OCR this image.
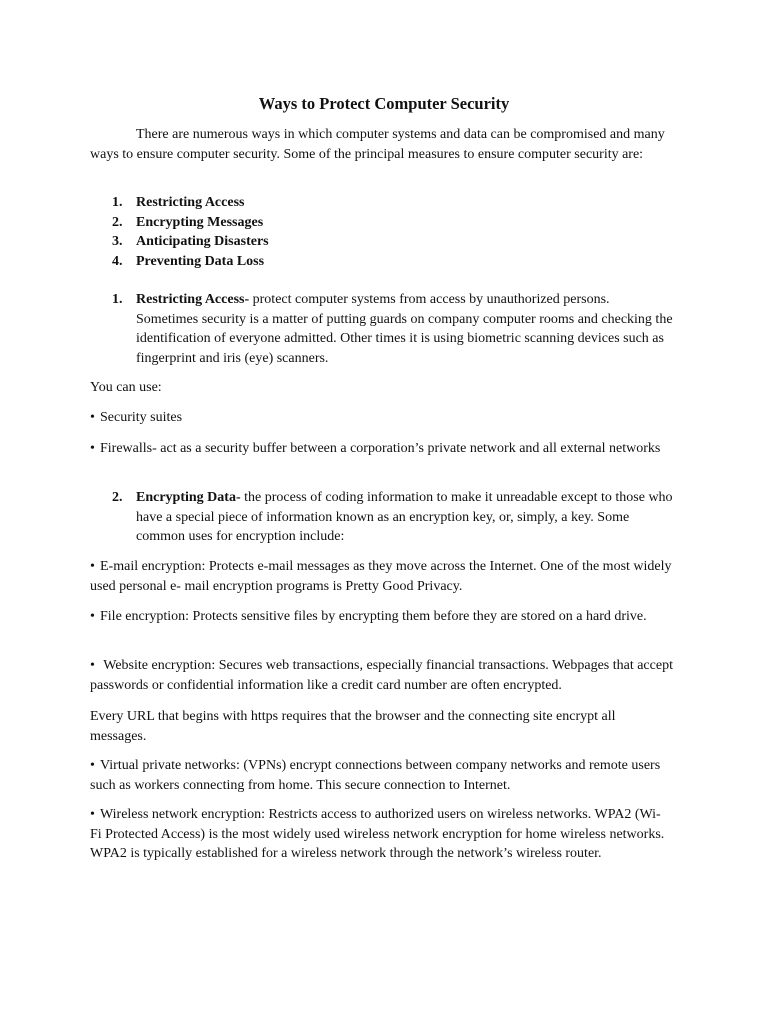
Ways to Protect Computer Security

There are numerous ways in which computer systems and data can be compromised and many ways to ensure computer security. Some of the principal measures to ensure computer security are:

1. Restricting Access
2. Encrypting Messages
3. Anticipating Disasters
4. Preventing Data Loss
1. Restricting Access- protect computer systems from access by unauthorized persons. Sometimes security is a matter of putting guards on company computer rooms and checking the identification of everyone admitted. Other times it is using biometric scanning devices such as fingerprint and iris (eye) scanners.

You can use:

• Security suites

• Firewalls- act as a security buffer between a corporation’s private network and all external networks

2. Encrypting Data- the process of coding information to make it unreadable except to those who have a special piece of information known as an encryption key, or, simply, a key. Some common uses for encryption include:

• E-mail encryption: Protects e-mail messages as they move across the Internet. One of the most widely used personal e- mail encryption programs is Pretty Good Privacy.

• File encryption: Protects sensitive files by encrypting them before they are stored on a hard drive.

• Website encryption: Secures web transactions, especially financial transactions. Webpages that accept passwords or confidential information like a credit card number are often encrypted.

Every URL that begins with https requires that the browser and the connecting site encrypt all messages.

• Virtual private networks: (VPNs) encrypt connections between company networks and remote users such as workers connecting from home. This secure connection to Internet.

• Wireless network encryption: Restricts access to authorized users on wireless networks. WPA2 (Wi- Fi Protected Access) is the most widely used wireless network encryption for home wireless networks. WPA2 is typically established for a wireless network through the network’s wireless router.
